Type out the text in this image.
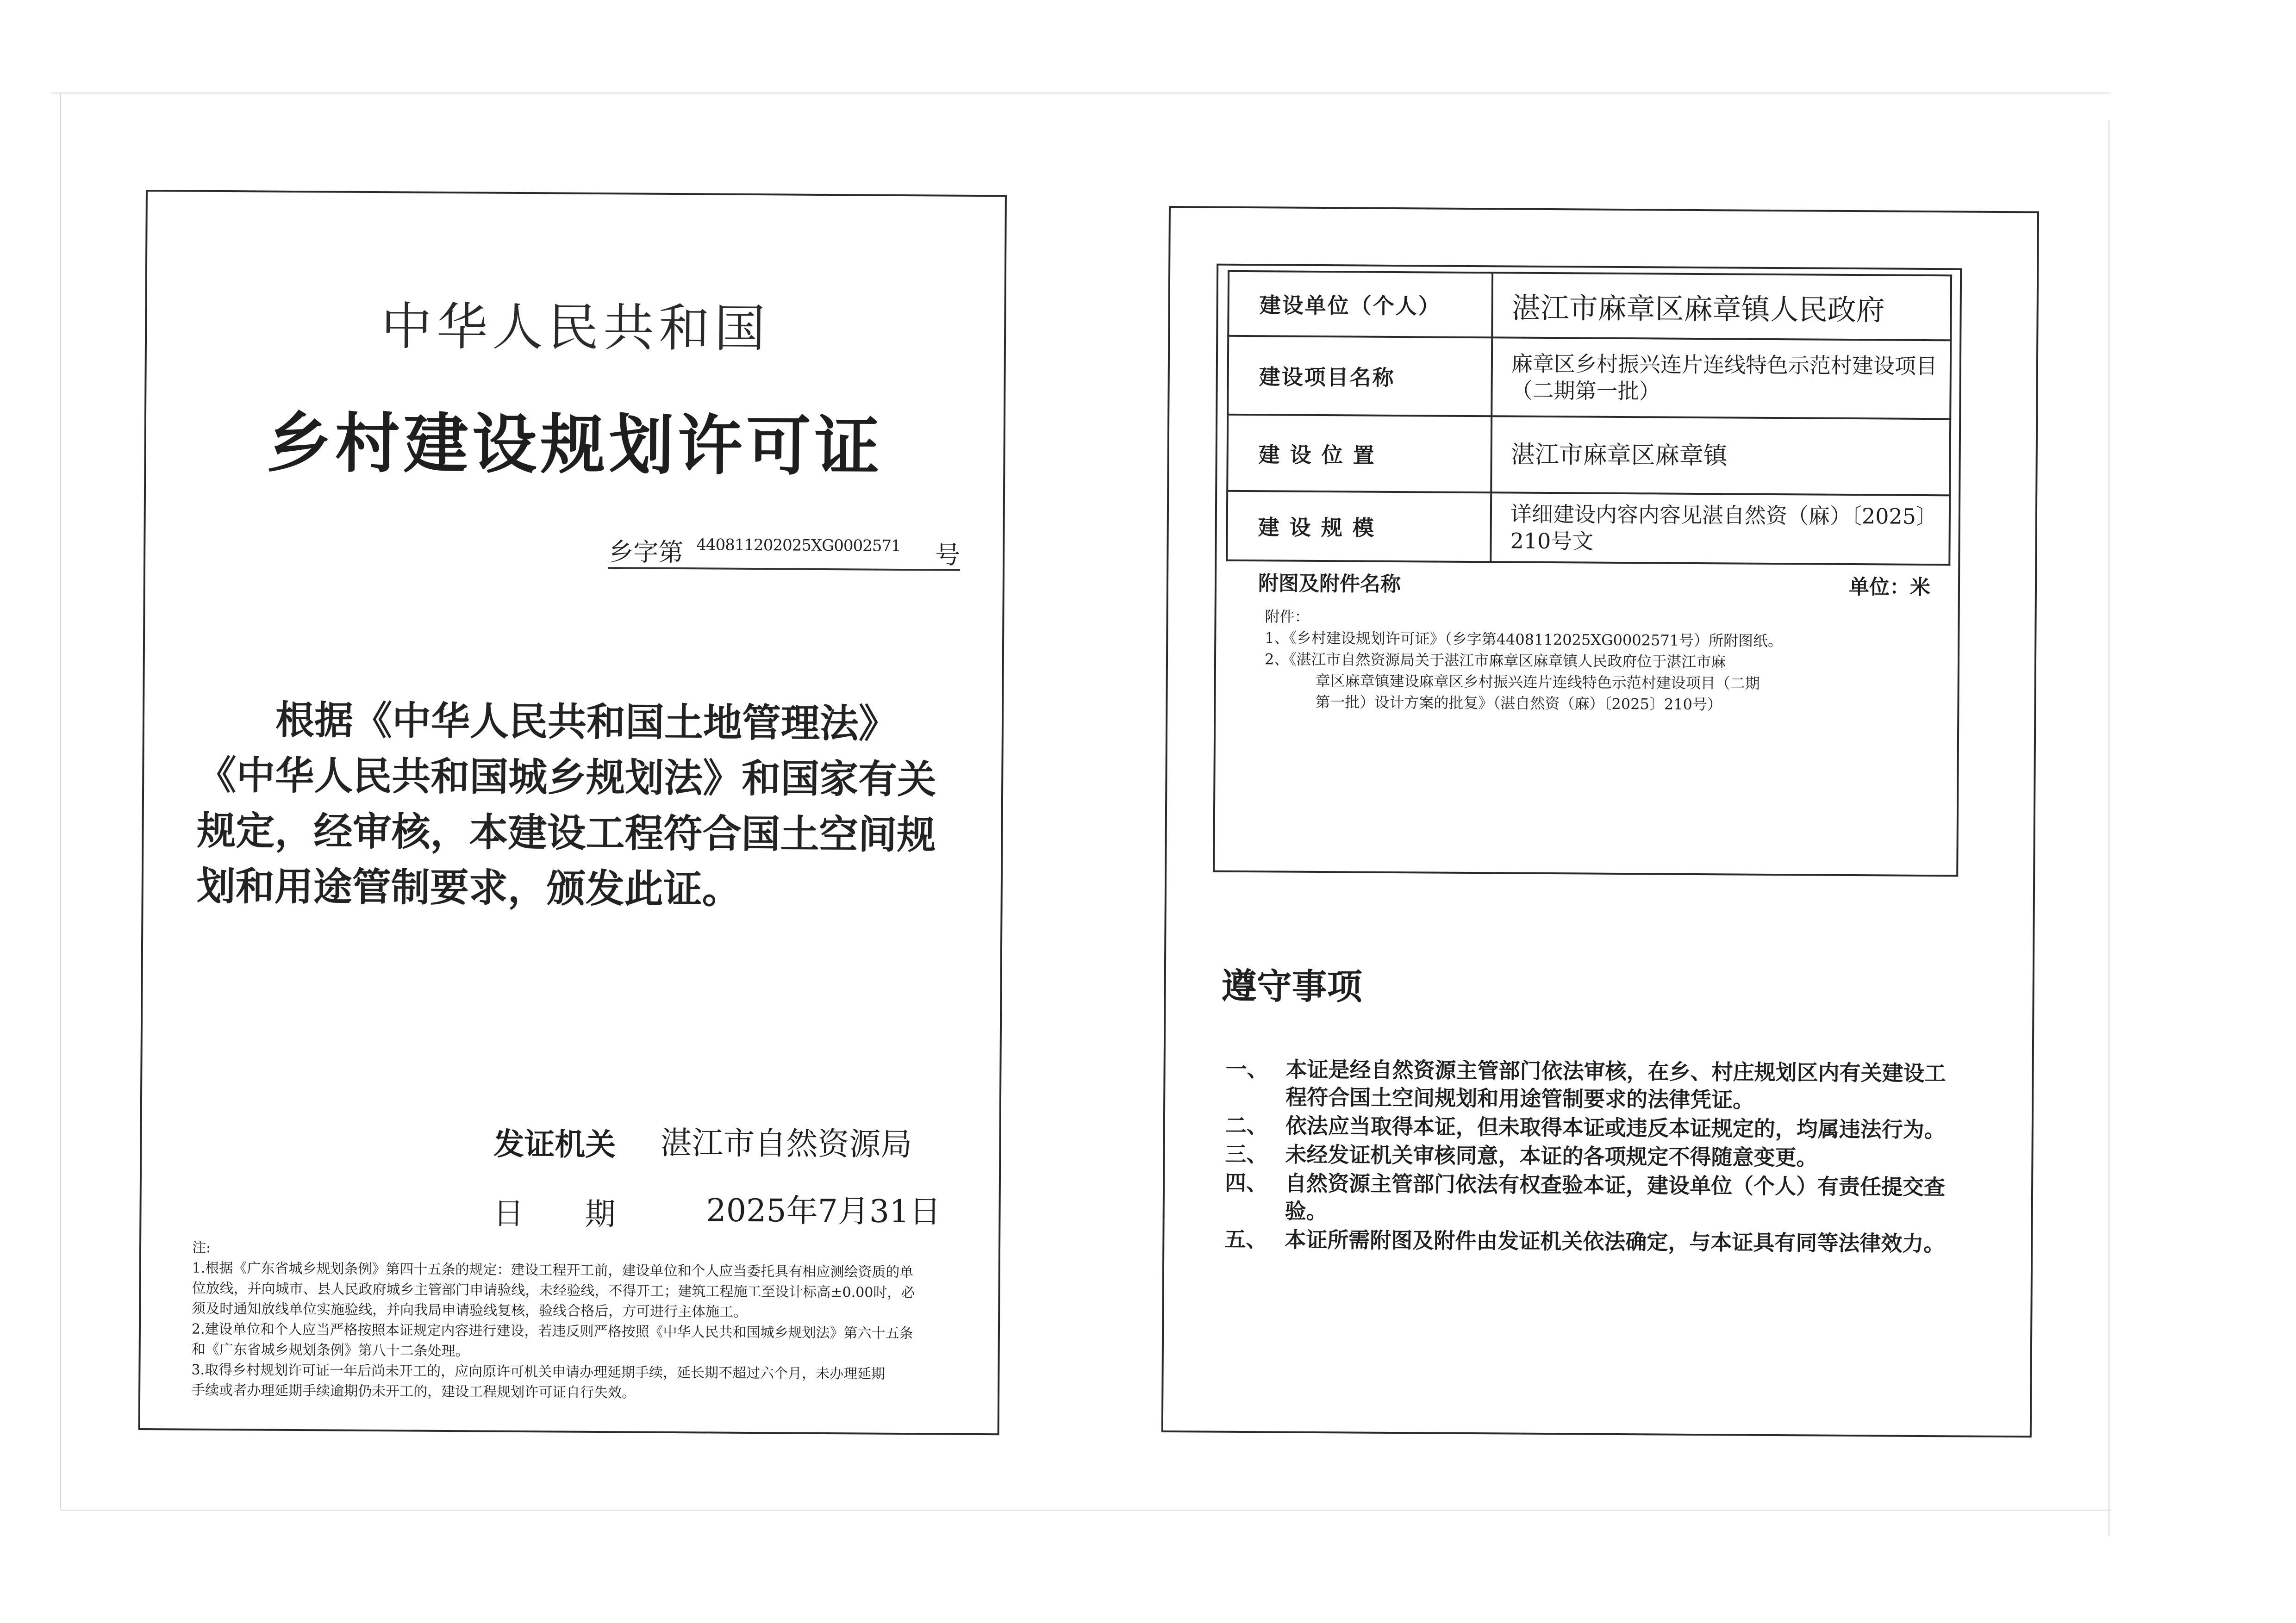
中华人民共和国
乡村建设规划许可证
乡字第 440811202025XG0002571 号
根据《中华人民共和国土地管理法》《中华人民共和国城乡规划法》和国家有关规定，经审核，本建设工程符合国土空间规划和用途管制要求，颁发此证。
发证机关 湛江市自然资源局
日　　期	2025年7月31日
注:
1.根据《广东省城乡规划条例》第四十五条的规定：建设工程开工前，建设单位和个人应当委托具有相应测绘资质的单
位放线，并向城市、县人民政府城乡主管部门申请验线，未经验线，不得开工；建筑工程施工至设计标高±0.00时，必
须及时通知放线单位实施验线，并向我局申请验线复核，验线合格后，方可进行主体施工。
2.建设单位和个人应当严格按照本证规定内容进行建设，若违反则严格按照《中华人民共和国城乡规划法》第六十五条
和《广东省城乡规划条例》第八十二条处理。
3.取得乡村规划许可证一年后尚未开工的，应向原许可机关申请办理延期手续，延长期不超过六个月，未办理延期
手续或者办理延期手续逾期仍未开工的，建设工程规划许可证自行失效。
建设单位（个人）	湛江市麻章区麻章镇人民政府
建设项目名称	麻章区乡村振兴连片连线特色示范村建设项目（二期第一批）
建 设 位 置	湛江市麻章区麻章镇
建 设 规 模	详细建设内容内容见湛自然资（麻）〔2025〕210号文
附图及附件名称	单位：米
附件：
1、《乡村建设规划许可证》（乡字第4408112025XG0002571号）所附图纸。
2、《湛江市自然资源局关于湛江市麻章区麻章镇人民政府位于湛江市麻
章区麻章镇建设麻章区乡村振兴连片连线特色示范村建设项目（二期
第一批）设计方案的批复》（湛自然资（麻）〔2025〕210号）
遵守事项
一、 本证是经自然资源主管部门依法审核，在乡、村庄规划区内有关建设工程符合国土空间规划和用途管制要求的法律凭证。
二、 依法应当取得本证，但未取得本证或违反本证规定的，均属违法行为。
三、 未经发证机关审核同意，本证的各项规定不得随意变更。
四、 自然资源主管部门依法有权查验本证，建设单位（个人）有责任提交查验。
五、 本证所需附图及附件由发证机关依法确定，与本证具有同等法律效力。
